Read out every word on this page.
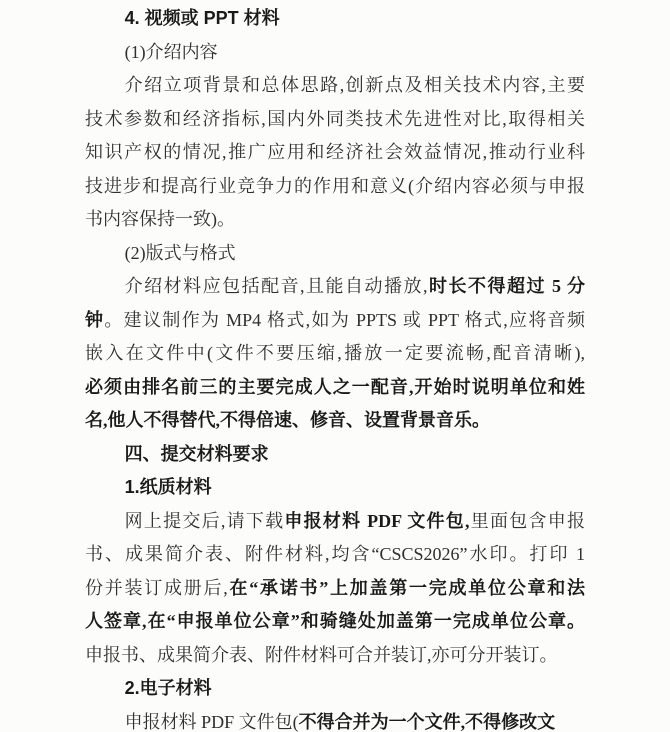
4. 视频或 PPT 材料
(1)介绍内容
介绍立项背景和总体思路,创新点及相关技术内容,主要
技术参数和经济指标,国内外同类技术先进性对比,取得相关
知识产权的情况,推广应用和经济社会效益情况,推动行业科
技进步和提高行业竞争力的作用和意义(介绍内容必须与申报
书内容保持一致)。
(2)版式与格式
介绍材料应包括配音,且能自动播放,时长不得超过 5 分
钟。建议制作为 MP4 格式,如为 PPTS 或 PPT 格式,应将音频
嵌入在文件中(文件不要压缩,播放一定要流畅,配音清晰),
必须由排名前三的主要完成人之一配音,开始时说明单位和姓
名,他人不得替代,不得倍速、修音、设置背景音乐。
四、提交材料要求
1.纸质材料
网上提交后,请下载申报材料 PDF 文件包,里面包含申报
书、成果简介表、附件材料,均含“CSCS2026”水印。打印 1
份并装订成册后,在“承诺书”上加盖第一完成单位公章和法
人签章,在“申报单位公章”和骑缝处加盖第一完成单位公章。
申报书、成果简介表、附件材料可合并装订,亦可分开装订。
2.电子材料
申报材料 PDF 文件包(不得合并为一个文件,不得修改文
